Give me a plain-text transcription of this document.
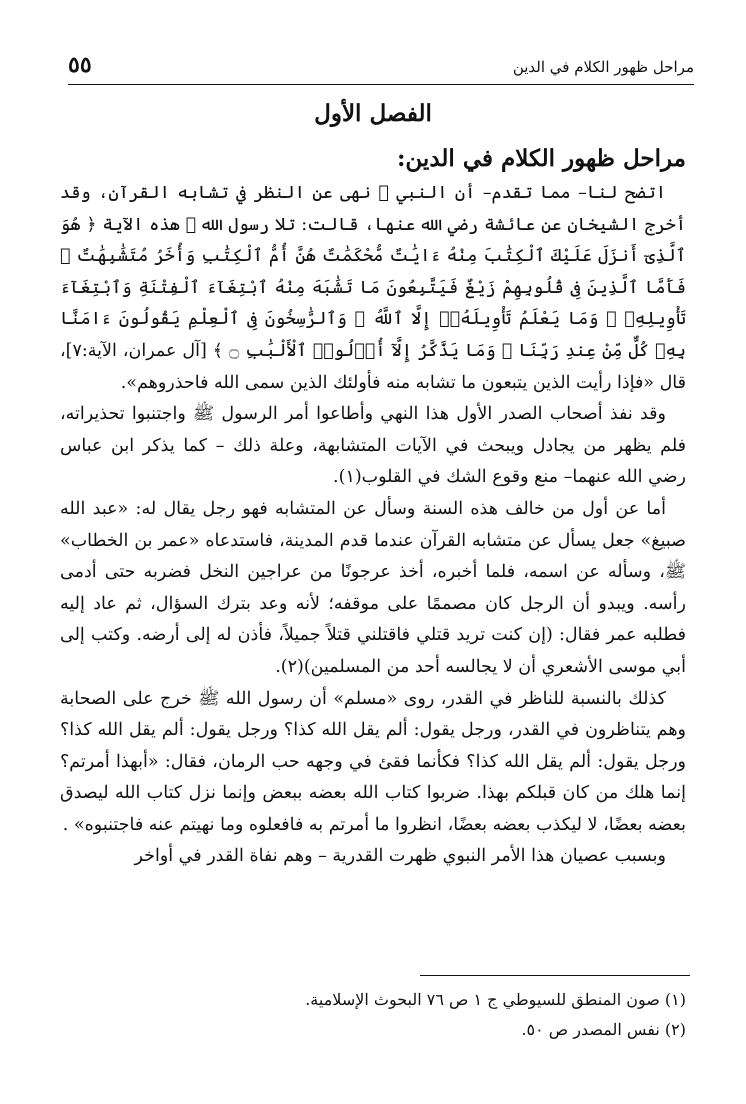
مراحل ظهور الكلام في الدين
٥٥
الفصل الأول
مراحل ظهور الكلام في الدين:

اتضح لنا– مما تقدم– أن النبي ﷺ نهى عن النظر في تشابه القرآن، وقد أخرج الشيخان عن عائشة رضي الله عنها، قالت: تلا رسول الله ﷺ هذه الآية ﴿ هُوَ ٱلَّذِىٓ أَنزَلَ عَلَيْكَ ٱلْكِتَٰبَ مِنْهُ ءَايَٰتٌ مُّحْكَمَٰتٌ هُنَّ أُمُّ ٱلْكِتَٰبِ وَأُخَرُ مُتَشَٰبِهَٰتٌ ۖ فَأَمَّا ٱلَّذِينَ فِى قُلُوبِهِمْ زَيْغٌ فَيَتَّبِعُونَ مَا تَشَٰبَهَ مِنْهُ ٱبْتِغَآءَ ٱلْفِتْنَةِ وَٱبْتِغَآءَ تَأْوِيلِهِۦ ۗ وَمَا يَعْلَمُ تَأْوِيلَهُۥٓ إِلَّا ٱللَّهُ ۗ وَٱلرَّٰسِخُونَ فِى ٱلْعِلْمِ يَقُولُونَ ءَامَنَّا بِهِۦ كُلٌّ مِّنْ عِندِ رَبِّنَا ۗ وَمَا يَذَّكَّرُ إِلَّآ أُو۟لُوا۟ ٱلْأَلْبَٰبِ ۝ ﴾ [آل عمران، الآية:٧]، قال «فإذا رأيت الذين يتبعون ما تشابه منه فأولئك الذين سمى الله فاحذروهم».

وقد نفذ أصحاب الصدر الأول هذا النهي وأطاعوا أمر الرسول ﷺ واجتنبوا تحذيراته، فلم يظهر من يجادل ويبحث في الآيات المتشابهة، وعلة ذلك – كما يذكر ابن عباس رضي الله عنهما– منع وقوع الشك في القلوب(١).

أما عن أول من خالف هذه السنة وسأل عن المتشابه فهو رجل يقال له: «عبد الله صبيغ» جعل يسأل عن متشابه القرآن عندما قدم المدينة، فاستدعاه «عمر بن الخطاب» ﷺ، وسأله عن اسمه، فلما أخبره، أخذ عرجونًا من عراجين النخل فضربه حتى أدمى رأسه. ويبدو أن الرجل كان مصممًا على موقفه؛ لأنه وعد بترك السؤال، ثم عاد إليه فطلبه عمر فقال: (إن كنت تريد قتلي فاقتلني قتلاً جميلاً، فأذن له إلى أرضه. وكتب إلى أبي موسى الأشعري أن لا يجالسه أحد من المسلمين)(٢).

كذلك بالنسبة للناظر في القدر، روى «مسلم» أن رسول الله ﷺ خرج على الصحابة وهم يتناظرون في القدر، ورجل يقول: ألم يقل الله كذا؟ ورجل يقول: ألم يقل الله كذا؟ ورجل يقول: ألم يقل الله كذا؟ فكأنما فقئ في وجهه حب الرمان، فقال: «أبهذا أمرتم؟ إنما هلك من كان قبلكم بهذا. ضربوا كتاب الله بعضه ببعض وإنما نزل كتاب الله ليصدق بعضه بعضًا، لا ليكذب بعضه بعضًا، انظروا ما أمرتم به فافعلوه وما نهيتم عنه فاجتنبوه» .

وبسبب عصيان هذا الأمر النبوي ظهرت القدرية – وهم نفاة القدر في أواخر

(١) صون المنطق للسيوطي ج ١ ص ٧٦ البحوث الإسلامية.
(٢) نفس المصدر ص ٥٠.
